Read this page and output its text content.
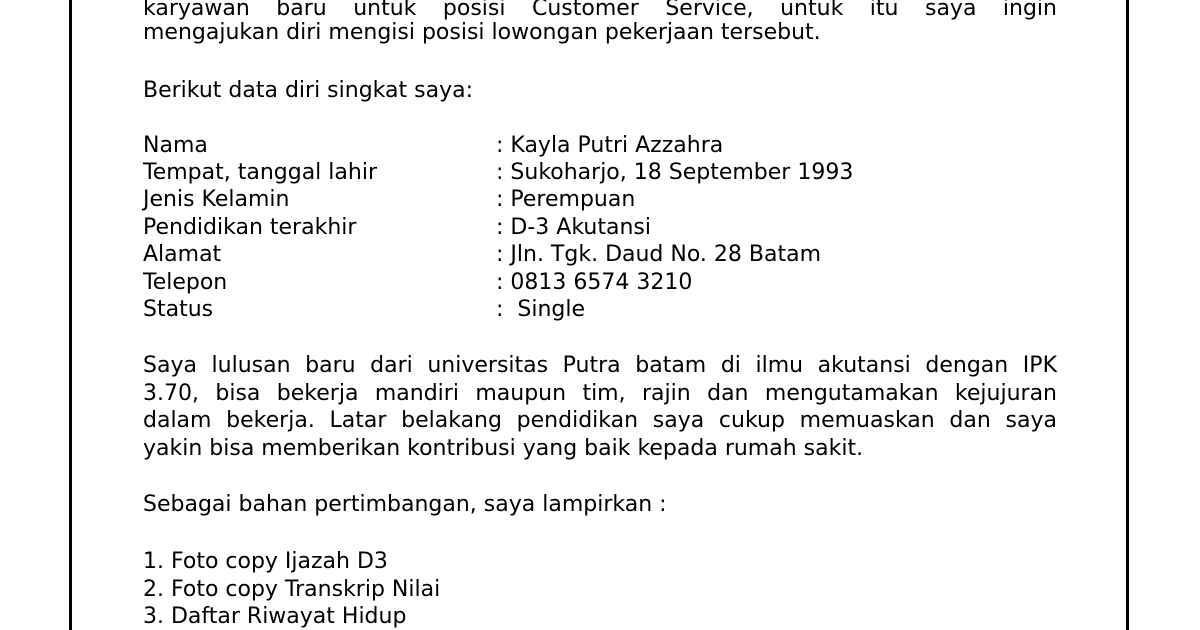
karyawan baru untuk posisi Customer Service, untuk itu saya ingin
mengajukan diri mengisi posisi lowongan pekerjaan tersebut.
Berikut data diri singkat saya:
Nama	: Kayla Putri Azzahra
Tempat, tanggal lahir	: Sukoharjo, 18 September 1993
Jenis Kelamin	: Perempuan
Pendidikan terakhir	: D-3 Akutansi
Alamat	: Jln. Tgk. Daud No. 28 Batam
Telepon	: 0813 6574 3210
Status	:  Single
Saya lulusan baru dari universitas Putra batam di ilmu akutansi dengan IPK
3.70, bisa bekerja mandiri maupun tim, rajin dan mengutamakan kejujuran
dalam bekerja. Latar belakang pendidikan saya cukup memuaskan dan saya
yakin bisa memberikan kontribusi yang baik kepada rumah sakit.
Sebagai bahan pertimbangan, saya lampirkan :
1. Foto copy Ijazah D3
2. Foto copy Transkrip Nilai
3. Daftar Riwayat Hidup
